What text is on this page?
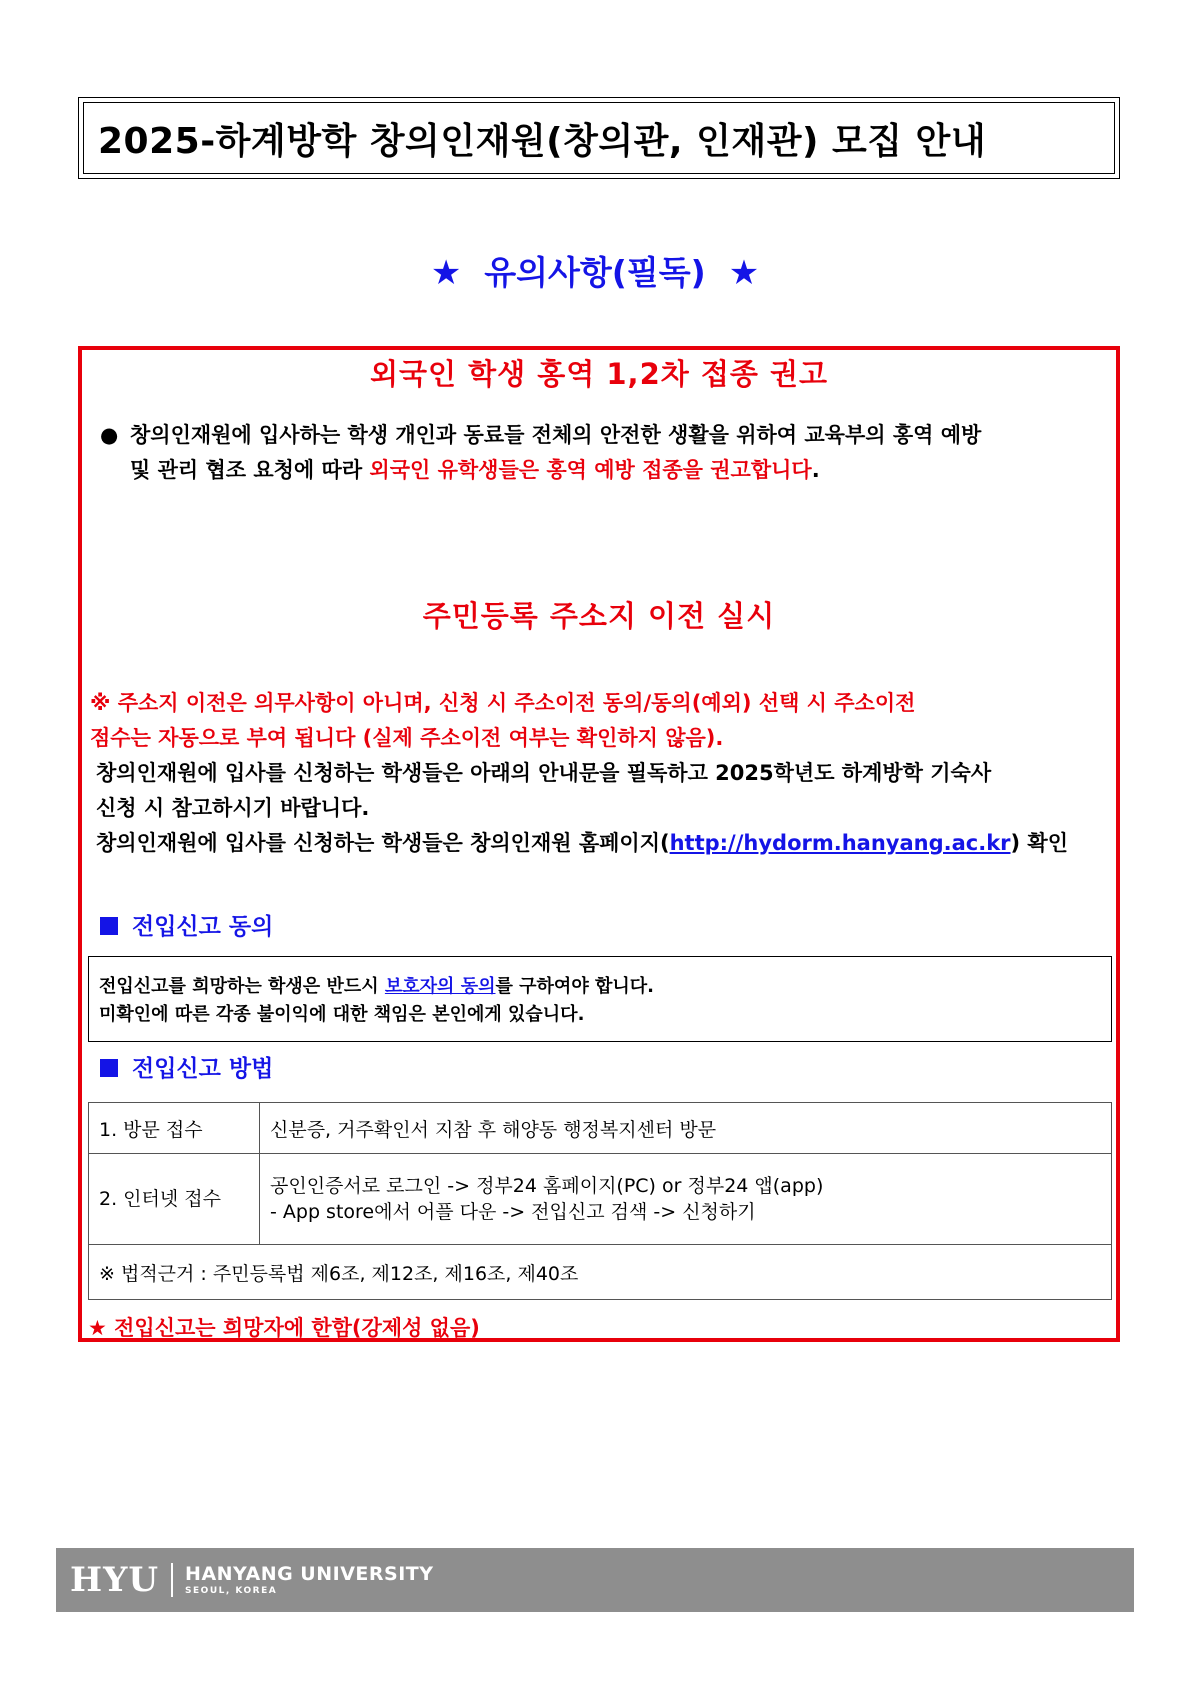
2025-하계방학 창의인재원(창의관, 인재관) 모집 안내
★ 유의사항(필독) ★
외국인 학생 홍역 1,2차 접종 권고
● 창의인재원에 입사하는 학생 개인과 동료들 전체의 안전한 생활을 위하여 교육부의 홍역 예방
및 관리 협조 요청에 따라 외국인 유학생들은 홍역 예방 접종을 권고합니다.
주민등록 주소지 이전 실시
※ 주소지 이전은 의무사항이 아니며, 신청 시 주소이전 동의/동의(예외) 선택 시 주소이전
점수는 자동으로 부여 됩니다 (실제 주소이전 여부는 확인하지 않음).
창의인재원에 입사를 신청하는 학생들은 아래의 안내문을 필독하고 2025학년도 하계방학 기숙사
신청 시 참고하시기 바랍니다.
창의인재원에 입사를 신청하는 학생들은 창의인재원 홈페이지(http://hydorm.hanyang.ac.kr) 확인
전입신고 동의
전입신고를 희망하는 학생은 반드시 보호자의 동의를 구하여야 합니다.
미확인에 따른 각종 불이익에 대한 책임은 본인에게 있습니다.
전입신고 방법
1. 방문 접수	신분증, 거주확인서 지참 후 해양동 행정복지센터 방문
2. 인터넷 접수	공인인증서로 로그인 -> 정부24 홈페이지(PC) or 정부24 앱(app)
- App store에서 어플 다운 -> 전입신고 검색 -> 신청하기

※ 법적근거 : 주민등록법 제6조, 제12조, 제16조, 제40조	
★ 전입신고는 희망자에 한함(강제성 없음)
HYU HANYANG UNIVERSITY
SEOUL, KOREA
